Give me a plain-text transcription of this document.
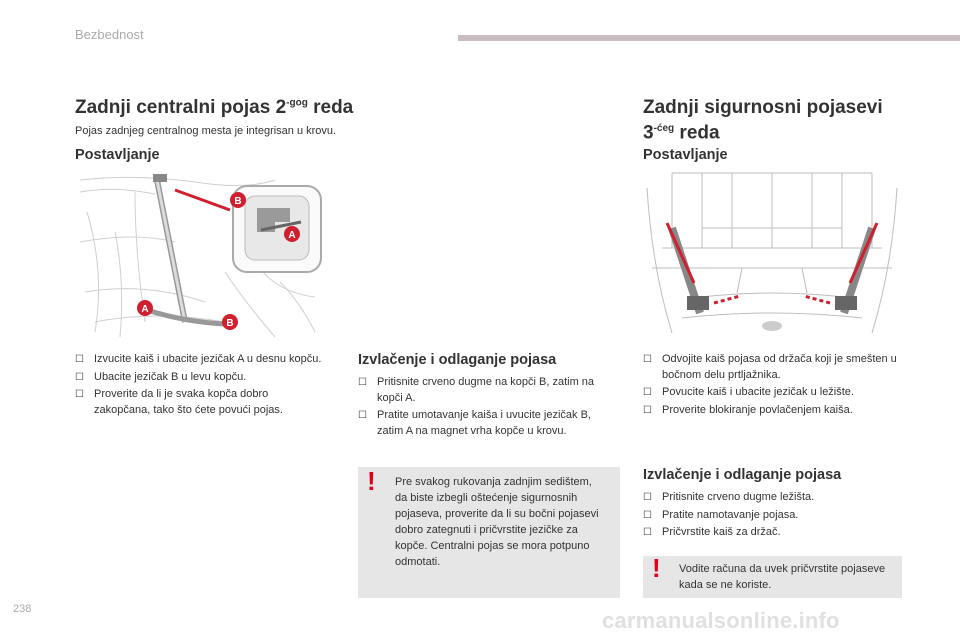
Bezbednost
Zadnji centralni pojas $2^{-gog}$ reda
Pojas zadnjeg centralnog mesta je integrisan u krovu.
Postavljanje
B
A
A
B
☐ Izvucite kaiš i ubacite jezičak A u desnu kopču.
☐ Ubacite jezičak B u levu kopču.
☐ Proverite da li je svaka kopča dobro zakopčana, tako što ćete povući pojas.
Izvlačenje i odlaganje pojasa
☐ Pritisnite crveno dugme na kopči B, zatim na kopči A.
☐ Pratite umotavanje kaiša i uvucite jezičak B, zatim A na magnet vrha kopče u krovu.
! Pre svakog rukovanja zadnjim sedištem, da biste izbegli oštećenje sigurnosnih pojaseva, proverite da li su bočni pojasevi dobro zategnuti i pričvrstite jezičke za kopče. Centralni pojas se mora potpuno odmotati.
Zadnji sigurnosni pojasevi
$3^{-ćeg}$ reda
Postavljanje
☐ Odvojite kaiš pojasa od držača koji je smešten u bočnom delu prtljažnika.
☐ Povucite kaiš i ubacite jezičak u ležište.
☐ Proverite blokiranje povlačenjem kaiša.
Izvlačenje i odlaganje pojasa
☐ Pritisnite crveno dugme ležišta.
☐ Pratite namotavanje pojasa.
☐ Pričvrstite kaiš za držač.
! Vodite računa da uvek pričvrstite pojaseve kada se ne koriste.
238	carmanualsonline.info
